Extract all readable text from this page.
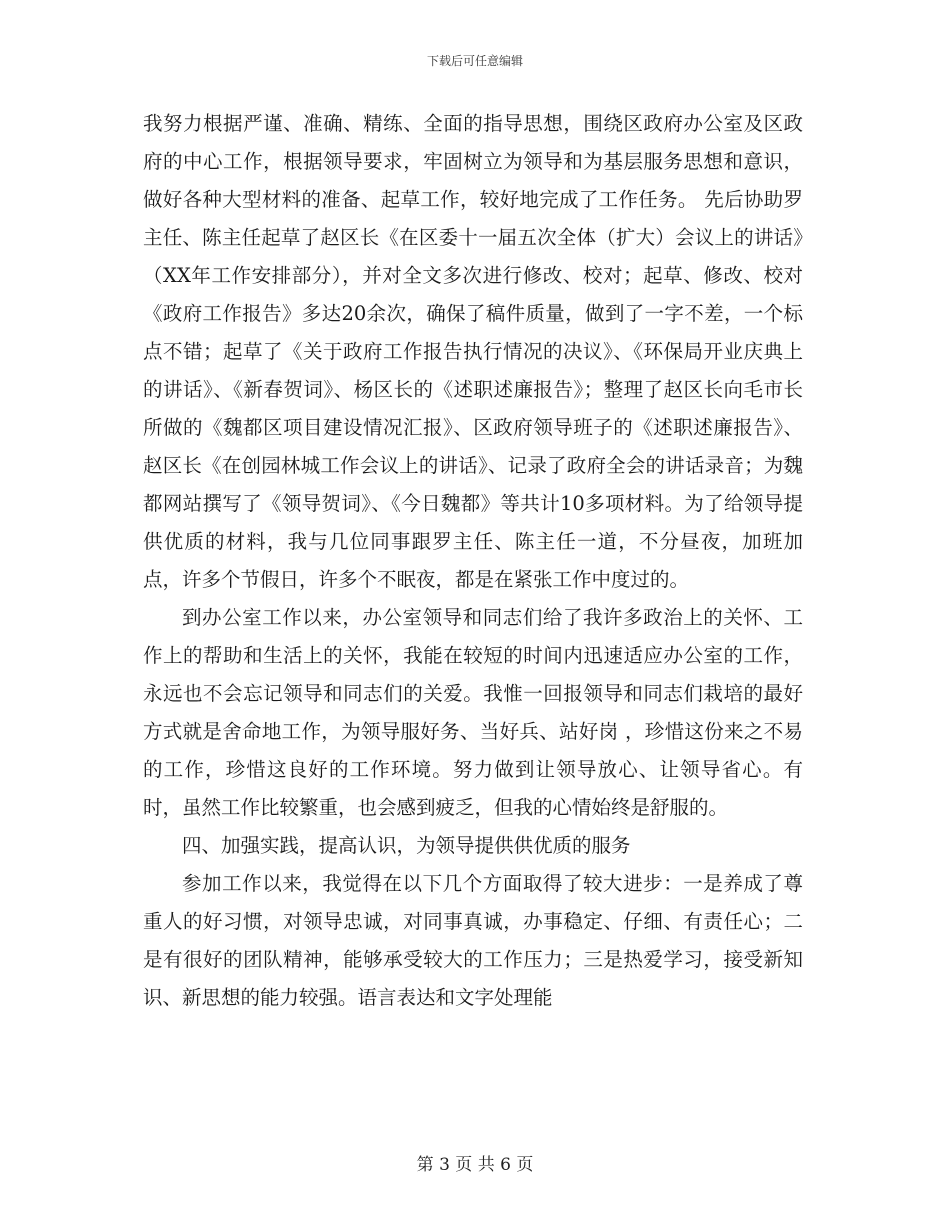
下载后可任意编辑

我努力根据严谨、准确、精练、全面的指导思想，围绕区政府办公室及区政府的中心工作，根据领导要求，牢固树立为领导和为基层服务思想和意识，做好各种大型材料的准备、起草工作，较好地完成了工作任务。 先后协助罗主任、陈主任起草了赵区长《在区委十一届五次全体（扩大）会议上的讲话》（XX年工作安排部分），并对全文多次进行修改、校对；起草、修改、校对《政府工作报告》多达20余次，确保了稿件质量，做到了一字不差，一个标点不错；起草了《关于政府工作报告执行情况的决议》、《环保局开业庆典上的讲话》、《新春贺词》、杨区长的《述职述廉报告》；整理了赵区长向毛市长所做的《魏都区项目建设情况汇报》、区政府领导班子的《述职述廉报告》、赵区长《在创园林城工作会议上的讲话》、记录了政府全会的讲话录音；为魏都网站撰写了《领导贺词》、《今日魏都》等共计10多项材料。为了给领导提供优质的材料，我与几位同事跟罗主任、陈主任一道，不分昼夜，加班加点，许多个节假日，许多个不眠夜，都是在紧张工作中度过的。

到办公室工作以来，办公室领导和同志们给了我许多政治上的关怀、工作上的帮助和生活上的关怀，我能在较短的时间内迅速适应办公室的工作，永远也不会忘记领导和同志们的关爱。我惟一回报领导和同志们栽培的最好方式就是舍命地工作，为领导服好务、当好兵、站好岗 ，珍惜这份来之不易的工作，珍惜这良好的工作环境。努力做到让领导放心、让领导省心。有时，虽然工作比较繁重，也会感到疲乏，但我的心情始终是舒服的。

四、加强实践，提高认识，为领导提供供优质的服务

参加工作以来，我觉得在以下几个方面取得了较大进步：一是养成了尊重人的好习惯，对领导忠诚，对同事真诚，办事稳定、仔细、有责任心；二是有很好的团队精神，能够承受较大的工作压力；三是热爱学习，接受新知识、新思想的能力较强。语言表达和文字处理能

第 3 页 共 6 页
